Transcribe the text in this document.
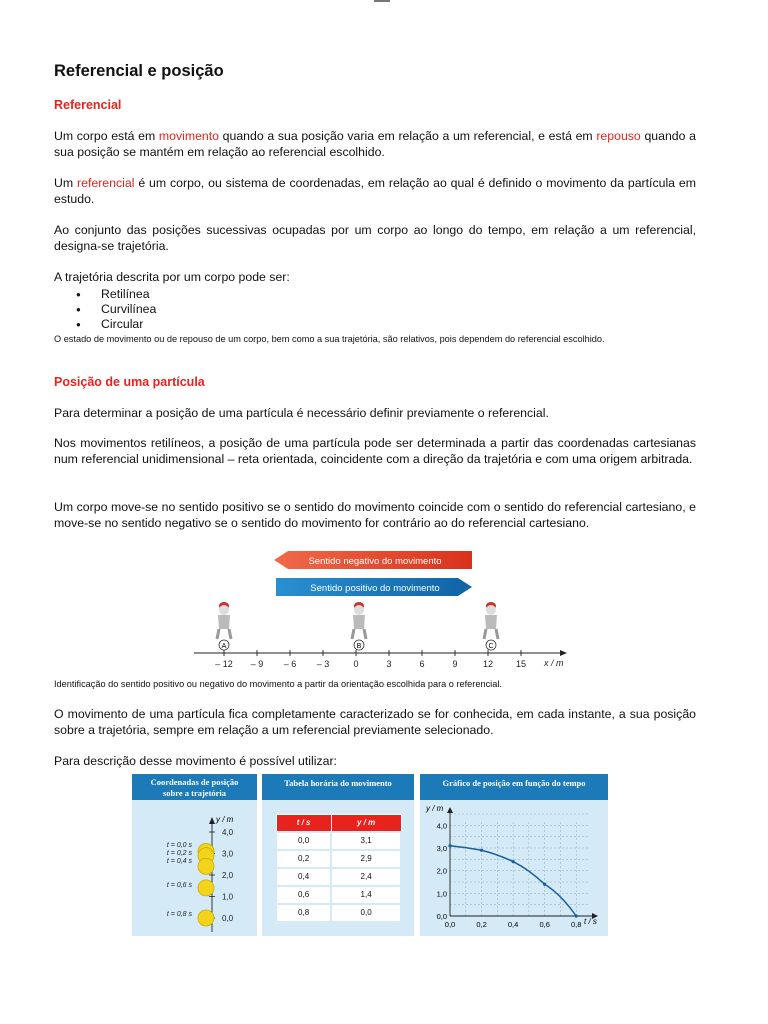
Referencial e posição
Referencial

Um corpo está em movimento quando a sua posição varia em relação a um referencial, e está em repouso quando a sua posição se mantém em relação ao referencial escolhido.

Um referencial é um corpo, ou sistema de coordenadas, em relação ao qual é definido o movimento da partícula em estudo.

Ao conjunto das posições sucessivas ocupadas por um corpo ao longo do tempo, em relação a um referencial, designa-se trajetória.

A trajetória descrita por um corpo pode ser:

● Retilínea
● Curvilínea
● Circular

O estado de movimento ou de repouso de um corpo, bem como a sua trajetória, são relativos, pois dependem do referencial escolhido.

Posição de uma partícula

Para determinar a posição de uma partícula é necessário definir previamente o referencial.

Nos movimentos retilíneos, a posição de uma partícula pode ser determinada a partir das coordenadas cartesianas num referencial unidimensional – reta orientada, coincidente com a direção da trajetória e com uma origem arbitrada.

Um corpo move-se no sentido positivo se o sentido do movimento coincide com o sentido do referencial cartesiano, e move-se no sentido negativo se o sentido do movimento for contrário ao do referencial cartesiano.

Identificação do sentido positivo ou negativo do movimento a partir da orientação escolhida para o referencial.

O movimento de uma partícula fica completamente caracterizado se for conhecida, em cada instante, a sua posição sobre a trajetória, sempre em relação a um referencial previamente selecionado.

Para descrição desse movimento é possível utilizar:

Sentido negativo do movimento
Sentido positivo do movimento
A	B	C
– 12 – 9 – 6 – 3	0	3	6	9	12	15 x / m
Coordenadas de posição
sobre a trajetória
y / m
4,0
3,0
2,0
1,0
0,0
t = 0,0 s
t = 0,2 s
t = 0,4 s
t = 0,6 s
t = 0,8 s
Tabela horária do movimento
t / s	y / m
0,0	3,1
0,2	2,9
0,4	2,4
0,6	1,4
0,8	0,0
Gráfico de posição em função do tempo
y / m
t / s
0,0
1,0
2,0
3,0
4,0
0,0	0,2	0,4	0,6	0,8
